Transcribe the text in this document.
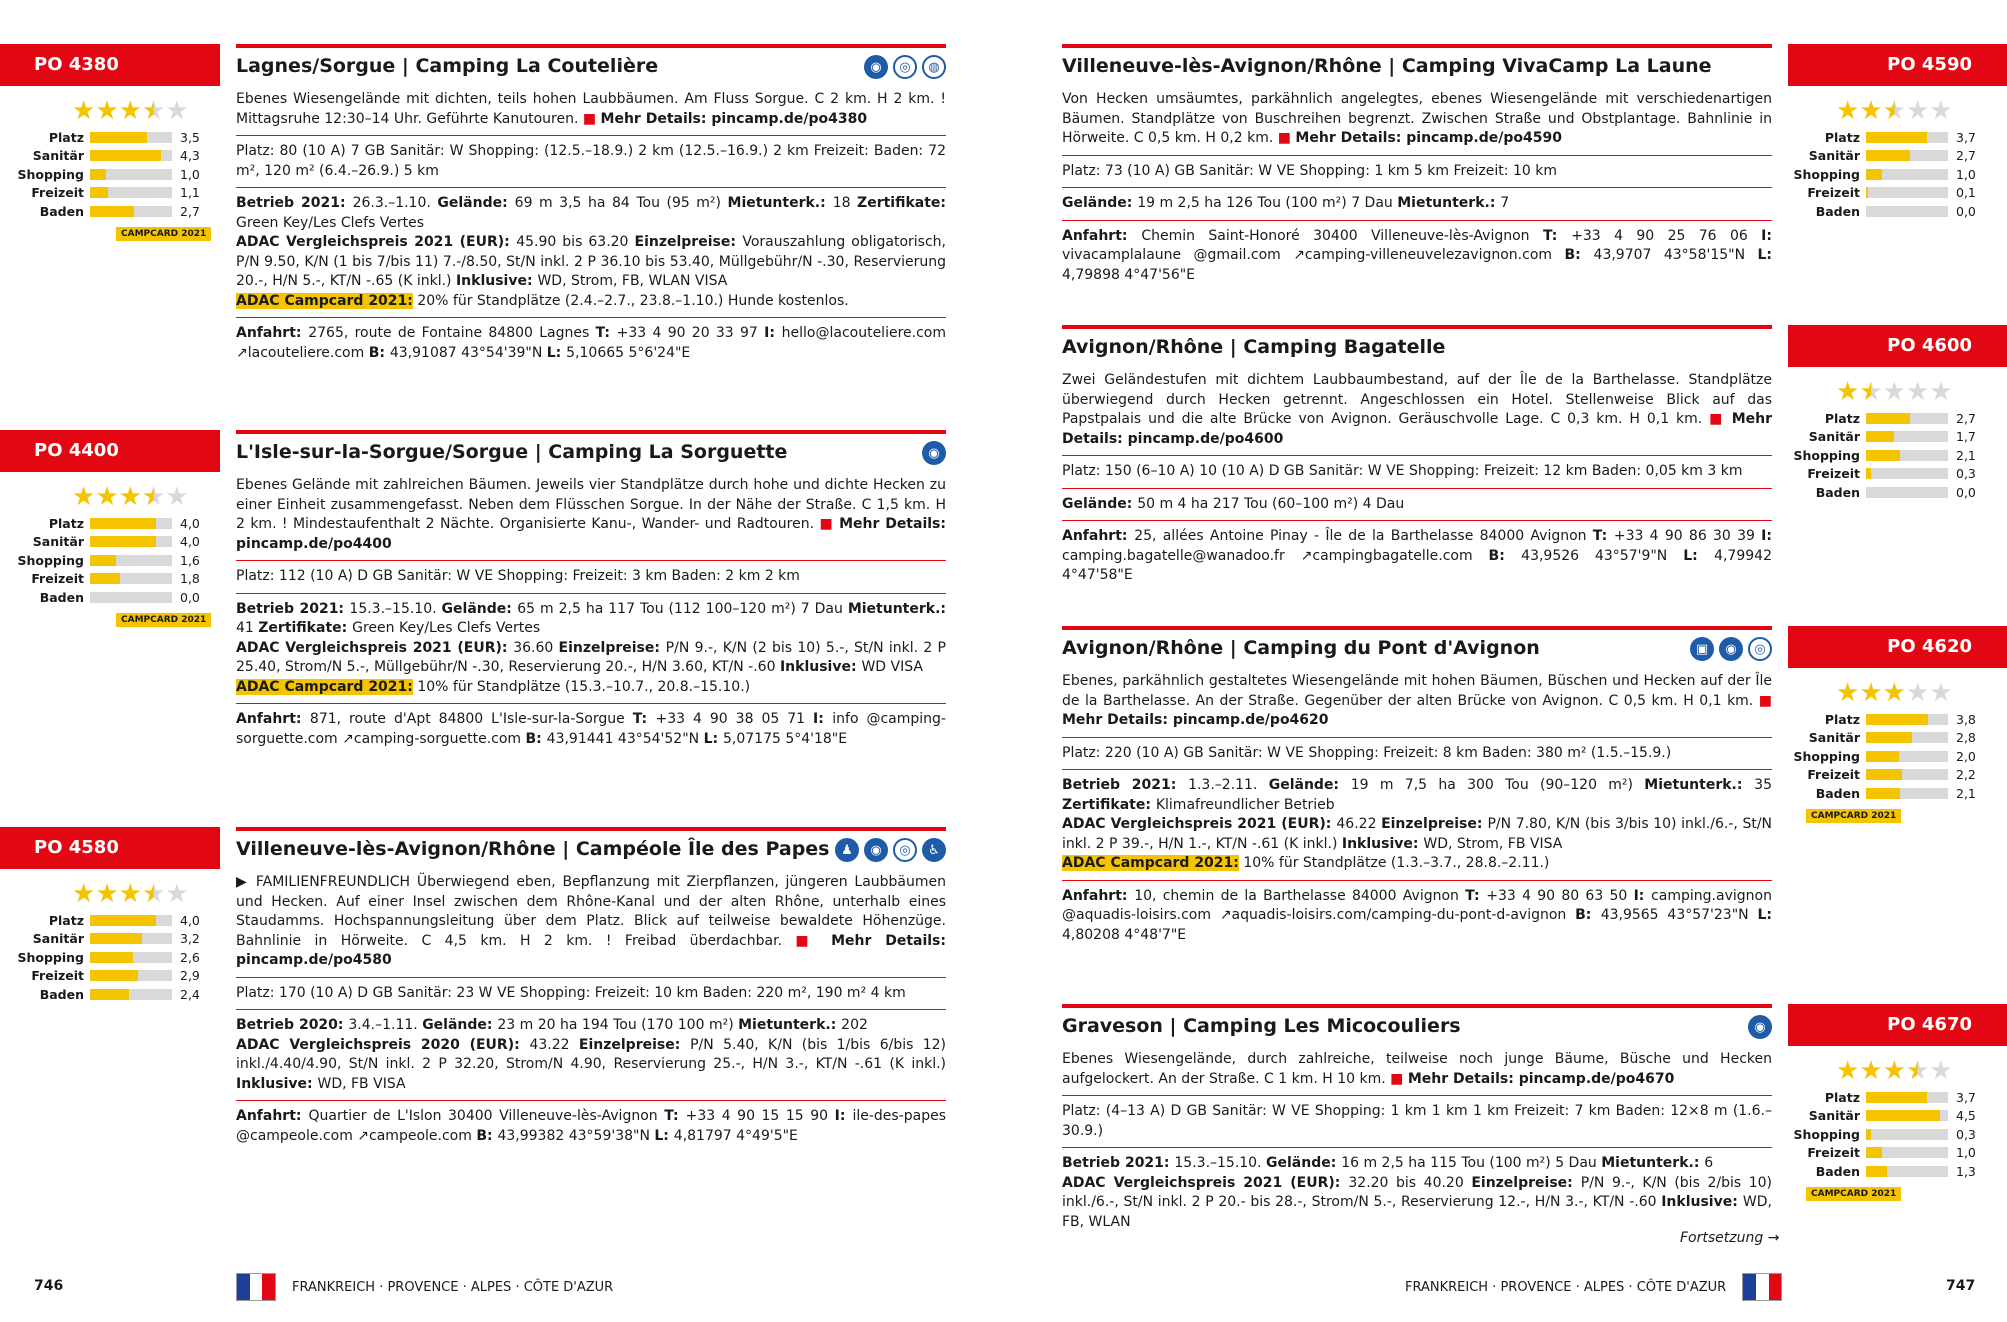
PO 4380
★★★★★
Platz	3,5
Sanitär	4,3
Shopping	1,0
Freizeit	1,1
Baden	2,7
CAMPCARD 2021
Lagnes/Sorgue | Camping La Coutelière	◉	◎	◍
Ebenes Wiesengelände mit dichten, teils hohen Laubbäumen. Am Fluss Sorgue. C 2 km. H 2 km. ! Mittagsruhe 12:30–14 Uhr. Geführte Kanutouren. ■ Mehr Details: pincamp.de/po4380
Platz: 80 (10 A) 7 GB Sanitär: W Shopping: (12.5.–18.9.) 2 km (12.5.–16.9.) 2 km Freizeit: Baden: 72 m², 120 m² (6.4.–26.9.) 5 km
Betrieb 2021: 26.3.–1.10. Gelände: 69 m 3,5 ha 84 Tou (95 m²) Mietunterk.: 18 Zertifikate: Green Key/Les Clefs Vertes
ADAC Vergleichspreis 2021 (EUR): 45.90 bis 63.20 Einzelpreise: Vorauszahlung obligatorisch, P/N 9.50, K/N (1 bis 7/bis 11) 7.-/8.50, St/N inkl. 2 P 36.10 bis 53.40, Müllgebühr/N -.30, Reservierung 20.-, H/N 5.-, KT/N -.65 (K inkl.) Inklusive: WD, Strom, FB, WLAN VISA
ADAC Campcard 2021: 20% für Standplätze (2.4.–2.7., 23.8.–1.10.) Hunde kostenlos.
Anfahrt: 2765, route de Fontaine 84800 Lagnes T: +33 4 90 20 33 97 I: hello@lacouteliere.com ↗lacouteliere.com B: 43,91087 43°54'39"N L: 5,10665 5°6'24"E
PO 4400
★★★★★
Platz	4,0
Sanitär	4,0
Shopping	1,6
Freizeit	1,8
Baden	0,0
CAMPCARD 2021
L'Isle-sur-la-Sorgue/Sorgue | Camping La Sorguette	◉
Ebenes Gelände mit zahlreichen Bäumen. Jeweils vier Standplätze durch hohe und dichte Hecken zu einer Einheit zusammengefasst. Neben dem Flüsschen Sorgue. In der Nähe der Straße. C 1,5 km. H 2 km. ! Mindestaufenthalt 2 Nächte. Organisierte Kanu-, Wander- und Radtouren. ■ Mehr Details: pincamp.de/po4400
Platz: 112 (10 A) D GB Sanitär: W VE Shopping: Freizeit: 3 km Baden: 2 km 2 km
Betrieb 2021: 15.3.–15.10. Gelände: 65 m 2,5 ha 117 Tou (112 100–120 m²) 7 Dau Mietunterk.: 41 Zertifikate: Green Key/Les Clefs Vertes
ADAC Vergleichspreis 2021 (EUR): 36.60 Einzelpreise: P/N 9.-, K/N (2 bis 10) 5.-, St/N inkl. 2 P 25.40, Strom/N 5.-, Müllgebühr/N -.30, Reservierung 20.-, H/N 3.60, KT/N -.60 Inklusive: WD VISA
ADAC Campcard 2021: 10% für Standplätze (15.3.–10.7., 20.8.–15.10.)
Anfahrt: 871, route d'Apt 84800 L'Isle-sur-la-Sorgue T: +33 4 90 38 05 71 I: info @camping-sorguette.com ↗camping-sorguette.com B: 43,91441 43°54'52"N L: 5,07175 5°4'18"E
PO 4580
★★★★★
Platz	4,0
Sanitär	3,2
Shopping	2,6
Freizeit	2,9
Baden	2,4
Villeneuve-lès-Avignon/Rhône | Campéole Île des Papes ♟	◉	◎	♿
▶ FAMILIENFREUNDLICH Überwiegend eben, Bepflanzung mit Zierpflanzen, jüngeren Laubbäumen und Hecken. Auf einer Insel zwischen dem Rhône-Kanal und der alten Rhône, unterhalb eines Staudamms. Hochspannungsleitung über dem Platz. Blick auf teilweise bewaldete Höhenzüge. Bahnlinie in Hörweite. C 4,5 km. H 2 km. ! Freibad überdachbar. ■ Mehr Details: pincamp.de/po4580
Platz: 170 (10 A) D GB Sanitär: 23 W VE Shopping: Freizeit: 10 km Baden: 220 m², 190 m² 4 km
Betrieb 2020: 3.4.–1.11. Gelände: 23 m 20 ha 194 Tou (170 100 m²) Mietunterk.: 202
ADAC Vergleichspreis 2020 (EUR): 43.22 Einzelpreise: P/N 5.40, K/N (bis 1/bis 6/bis 12) inkl./4.40/4.90, St/N inkl. 2 P 32.20, Strom/N 4.90, Reservierung 25.-, H/N 3.-, KT/N -.61 (K inkl.) Inklusive: WD, FB VISA
Anfahrt: Quartier de L'Islon 30400 Villeneuve-lès-Avignon T: +33 4 90 15 15 90 I: ile-des-papes @campeole.com ↗campeole.com B: 43,99382 43°59'38"N L: 4,81797 4°49'5"E
PO 4590
★★★★★
Platz	3,7
Sanitär	2,7
Shopping	1,0
Freizeit	0,1
Baden	0,0
Villeneuve-lès-Avignon/Rhône | Camping VivaCamp La Laune
Von Hecken umsäumtes, parkähnlich angelegtes, ebenes Wiesengelände mit verschiedenartigen Bäumen. Standplätze von Buschreihen begrenzt. Zwischen Straße und Obstplantage. Bahnlinie in Hörweite. C 0,5 km. H 0,2 km. ■ Mehr Details: pincamp.de/po4590
Platz: 73 (10 A) GB Sanitär: W VE Shopping: 1 km 5 km Freizeit: 10 km
Gelände: 19 m 2,5 ha 126 Tou (100 m²) 7 Dau Mietunterk.: 7
Anfahrt: Chemin Saint-Honoré 30400 Villeneuve-lès-Avignon T: +33 4 90 25 76 06 I: vivacamplalaune @gmail.com ↗camping-villeneuvelezavignon.com B: 43,9707 43°58'15"N L: 4,79898 4°47'56"E
PO 4600
★★★★★
Platz	2,7
Sanitär	1,7
Shopping	2,1
Freizeit	0,3
Baden	0,0
Avignon/Rhône | Camping Bagatelle
Zwei Geländestufen mit dichtem Laubbaumbestand, auf der Île de la Barthelasse. Standplätze überwiegend durch Hecken getrennt. Angeschlossen ein Hotel. Stellenweise Blick auf das Papstpalais und die alte Brücke von Avignon. Geräuschvolle Lage. C 0,3 km. H 0,1 km. ■ Mehr Details: pincamp.de/po4600
Platz: 150 (6–10 A) 10 (10 A) D GB Sanitär: W VE Shopping: Freizeit: 12 km Baden: 0,05 km 3 km
Gelände: 50 m 4 ha 217 Tou (60–100 m²) 4 Dau
Anfahrt: 25, allées Antoine Pinay - Île de la Barthelasse 84000 Avignon T: +33 4 90 86 30 39 I: camping.bagatelle@wanadoo.fr ↗campingbagatelle.com B: 43,9526 43°57'9"N L: 4,79942 4°47'58"E
PO 4620
★★★★★
Platz	3,8
Sanitär	2,8
Shopping	2,0
Freizeit	2,2
Baden	2,1
CAMPCARD 2021
Avignon/Rhône | Camping du Pont d'Avignon	▣	◉	◎
Ebenes, parkähnlich gestaltetes Wiesengelände mit hohen Bäumen, Büschen und Hecken auf der Île de la Barthelasse. An der Straße. Gegenüber der alten Brücke von Avignon. C 0,5 km. H 0,1 km. ■ Mehr Details: pincamp.de/po4620
Platz: 220 (10 A) GB Sanitär: W VE Shopping: Freizeit: 8 km Baden: 380 m² (1.5.–15.9.)
Betrieb 2021: 1.3.–2.11. Gelände: 19 m 7,5 ha 300 Tou (90–120 m²) Mietunterk.: 35 Zertifikate: Klimafreundlicher Betrieb
ADAC Vergleichspreis 2021 (EUR): 46.22 Einzelpreise: P/N 7.80, K/N (bis 3/bis 10) inkl./6.-, St/N inkl. 2 P 39.-, H/N 1.-, KT/N -.61 (K inkl.) Inklusive: WD, Strom, FB VISA
ADAC Campcard 2021: 10% für Standplätze (1.3.–3.7., 28.8.–2.11.)
Anfahrt: 10, chemin de la Barthelasse 84000 Avignon T: +33 4 90 80 63 50 I: camping.avignon @aquadis-loisirs.com ↗aquadis-loisirs.com/camping-du-pont-d-avignon B: 43,9565 43°57'23"N L: 4,80208 4°48'7"E
PO 4670
★★★★★
Platz	3,7
Sanitär	4,5
Shopping	0,3
Freizeit	1,0
Baden	1,3
CAMPCARD 2021
Graveson | Camping Les Micocouliers	◉
Ebenes Wiesengelände, durch zahlreiche, teilweise noch junge Bäume, Büsche und Hecken aufgelockert. An der Straße. C 1 km. H 10 km. ■ Mehr Details: pincamp.de/po4670
Platz: (4–13 A) D GB Sanitär: W VE Shopping: 1 km 1 km 1 km Freizeit: 7 km Baden: 12×8 m (1.6.–30.9.)
Betrieb 2021: 15.3.–15.10. Gelände: 16 m 2,5 ha 115 Tou (100 m²) 5 Dau Mietunterk.: 6
ADAC Vergleichspreis 2021 (EUR): 32.20 bis 40.20 Einzelpreise: P/N 9.-, K/N (bis 2/bis 10) inkl./6.-, St/N inkl. 2 P 20.- bis 28.-, Strom/N 5.-, Reservierung 12.-, H/N 3.-, KT/N -.60 Inklusive: WD, FB, WLAN
Fortsetzung →
746	FRANKREICH · PROVENCE · ALPES · CÔTE D'AZUR	FRANKREICH · PROVENCE · ALPES · CÔTE D'AZUR	747
